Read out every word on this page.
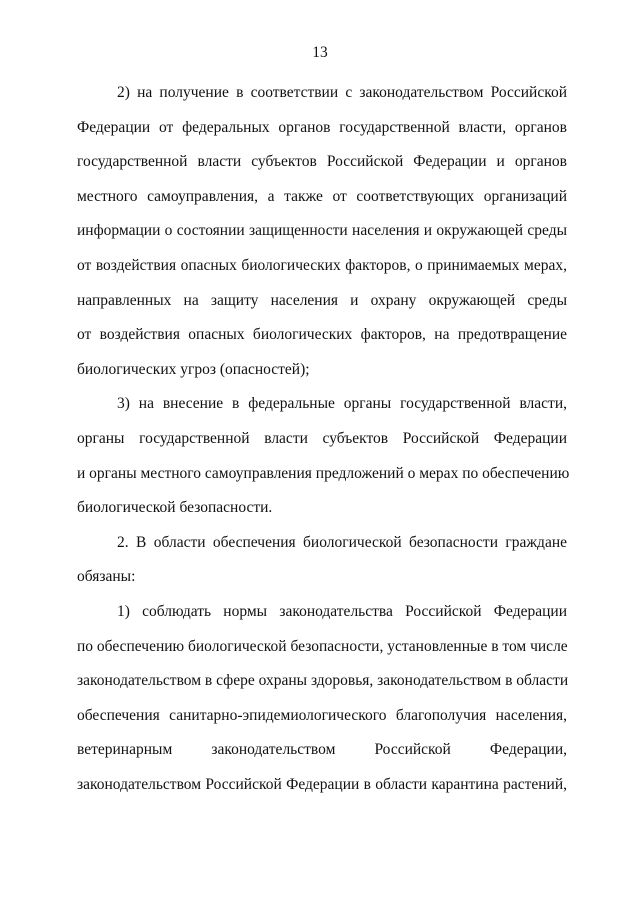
13
2) на получение в соответствии с законодательством Российской
Федерации от федеральных органов государственной власти, органов
государственной власти субъектов Российской Федерации и органов
местного самоуправления, а также от соответствующих организаций
информации о состоянии защищенности населения и окружающей среды
от воздействия опасных биологических факторов, о принимаемых мерах,
направленных на защиту населения и охрану окружающей среды
от воздействия опасных биологических факторов, на предотвращение
биологических угроз (опасностей);
3) на внесение в федеральные органы государственной власти,
органы государственной власти субъектов Российской Федерации
и органы местного самоуправления предложений о мерах по обеспечению
биологической безопасности.
2. В области обеспечения биологической безопасности граждане
обязаны:
1) соблюдать нормы законодательства Российской Федерации
по обеспечению биологической безопасности, установленные в том числе
законодательством в сфере охраны здоровья, законодательством в области
обеспечения санитарно-эпидемиологического благополучия населения,
ветеринарным законодательством Российской Федерации,
законодательством Российской Федерации в области карантина растений,
